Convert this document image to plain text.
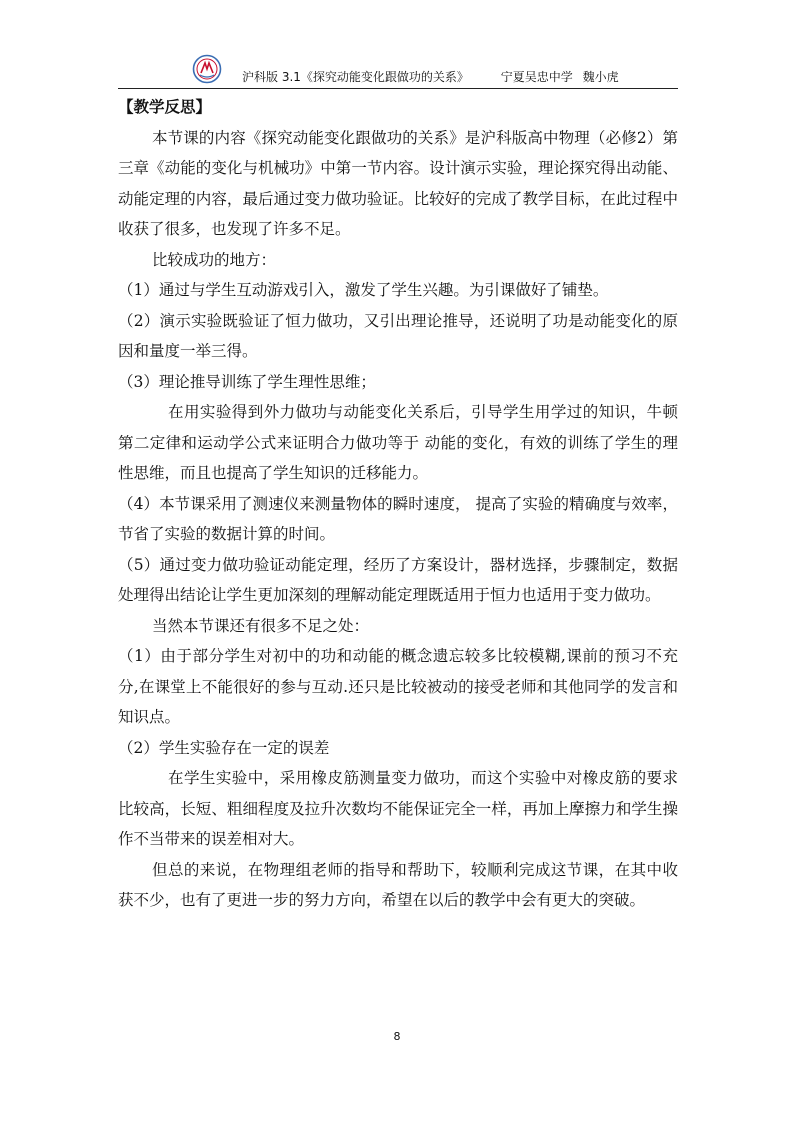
沪科版 3.1《探究动能变化跟做功的关系》	宁夏吴忠中学 魏小虎

【教学反思】

本节课的内容《探究动能变化跟做功的关系》是沪科版高中物理（必修2）第三章《动能的变化与机械功》中第一节内容。设计演示实验，理论探究得出动能、动能定理的内容，最后通过变力做功验证。比较好的完成了教学目标，在此过程中收获了很多，也发现了许多不足。

比较成功的地方：

（1）通过与学生互动游戏引入，激发了学生兴趣。为引课做好了铺垫。

（2）演示实验既验证了恒力做功，又引出理论推导，还说明了功是动能变化的原因和量度一举三得。

（3）理论推导训练了学生理性思维；

在用实验得到外力做功与动能变化关系后，引导学生用学过的知识，牛顿第二定律和运动学公式来证明合力做功等于 动能的变化，有效的训练了学生的理性思维，而且也提高了学生知识的迁移能力。

（4）本节课采用了测速仪来测量物体的瞬时速度， 提高了实验的精确度与效率，节省了实验的数据计算的时间。

（5）通过变力做功验证动能定理，经历了方案设计，器材选择，步骤制定，数据处理得出结论让学生更加深刻的理解动能定理既适用于恒力也适用于变力做功。

当然本节课还有很多不足之处：

（1）由于部分学生对初中的功和动能的概念遗忘较多比较模糊,课前的预习不充分,在课堂上不能很好的参与互动.还只是比较被动的接受老师和其他同学的发言和知识点。

（2）学生实验存在一定的误差

在学生实验中，采用橡皮筋测量变力做功，而这个实验中对橡皮筋的要求比较高，长短、粗细程度及拉升次数均不能保证完全一样，再加上摩擦力和学生操作不当带来的误差相对大。

但总的来说，在物理组老师的指导和帮助下，较顺利完成这节课，在其中收获不少，也有了更进一步的努力方向，希望在以后的教学中会有更大的突破。

8
